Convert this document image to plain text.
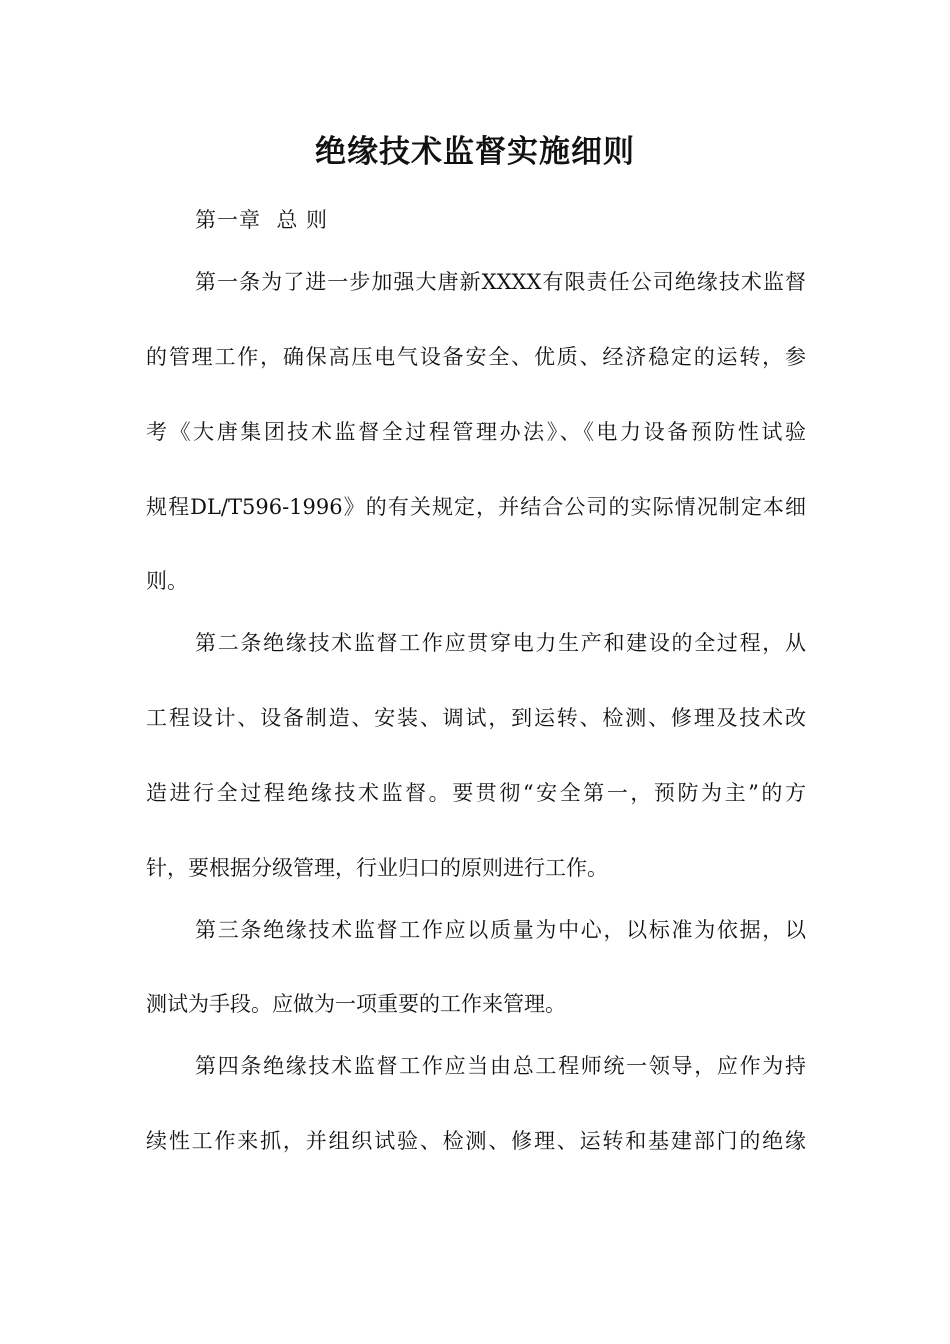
绝缘技术监督实施细则

第一章  总 则

第一条为了进一步加强大唐新XXXX有限责任公司绝缘技术监督

的管理工作，确保高压电气设备安全、优质、经济稳定的运转，参

考《大唐集团技术监督全过程管理办法》、《电力设备预防性试验

规程DL/T596-1996》的有关规定，并结合公司的实际情况制定本细

则。

第二条绝缘技术监督工作应贯穿电力生产和建设的全过程，从

工程设计、设备制造、安装、调试，到运转、检测、修理及技术改

造进行全过程绝缘技术监督。要贯彻“安全第一，预防为主”的方

针，要根据分级管理，行业归口的原则进行工作。

第三条绝缘技术监督工作应以质量为中心，以标准为依据，以

测试为手段。应做为一项重要的工作来管理。

第四条绝缘技术监督工作应当由总工程师统一领导，应作为持

续性工作来抓，并组织试验、检测、修理、运转和基建部门的绝缘
